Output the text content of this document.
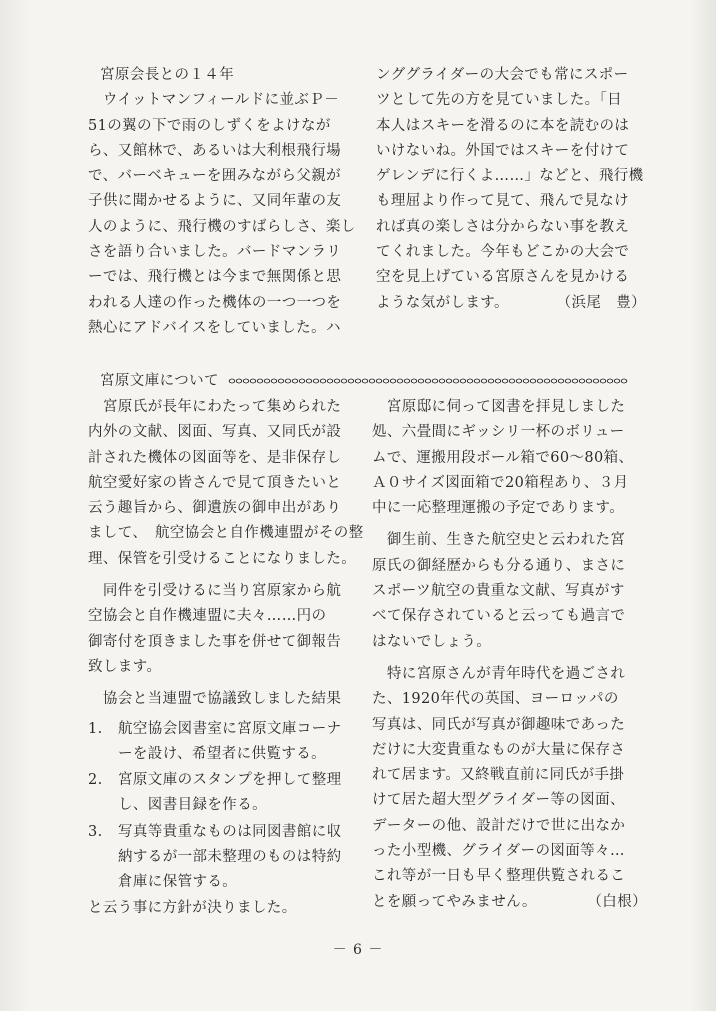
宮原会長との１４年
　ウイットマンフィールドに並ぶＰ－
51の翼の下で雨のしずくをよけなが
ら、又館林で、あるいは大利根飛行場
で、バーベキューを囲みながら父親が
子供に聞かせるように、又同年輩の友
人のように、飛行機のすばらしさ、楽し
さを語り合いました。バードマンラリ
ーでは、飛行機とは今まで無関係と思
われる人達の作った機体の一つ一つを
熱心にアドバイスをしていました。ハ
ンググライダーの大会でも常にスポー
ツとして先の方を見ていました。「日
本人はスキーを滑るのに本を読むのは
いけないね。外国ではスキーを付けて
ゲレンデに行くよ……」などと、飛行機
も理屈より作って見て、飛んで見なけ
れば真の楽しさは分からない事を教え
てくれました。今年もどこかの大会で
空を見上げている宮原さんを見かける
ような気がします。	（浜尾　豊）
宮原文庫について

　宮原氏が長年にわたって集められた
内外の文献、図面、写真、又同氏が設
計された機体の図面等を、是非保存し
航空愛好家の皆さんで見て頂きたいと
云う趣旨から、御遺族の御申出があり
まして、　航空協会と自作機連盟がその整
理、保管を引受けることになりました。

　同件を引受けるに当り宮原家から航
空協会と自作機連盟に夫々……円の
御寄付を頂きました事を併せて御報告
致します。

　協会と当連盟で協議致しました結果

1. 航空協会図書室に宮原文庫コーナ
ーを設け、希望者に供覧する。
2. 宮原文庫のスタンプを押して整理
し、図書目録を作る。
3. 写真等貴重なものは同図書館に収
納するが一部未整理のものは特約
倉庫に保管する。
と云う事に方針が決りました。

　宮原邸に伺って図書を拝見しました
処、六畳間にギッシリ一杯のボリュー
ムで、運搬用段ボール箱で60～80箱、
Ａ０サイズ図面箱で20箱程あり、３月
中に一応整理運搬の予定であります。

　御生前、生きた航空史と云われた宮
原氏の御経歴からも分る通り、まさに
スポーツ航空の貴重な文献、写真がす
べて保存されていると云っても過言で
はないでしょう。

　特に宮原さんが青年時代を過ごされ
た、1920年代の英国、ヨーロッパの
写真は、同氏が写真が御趣味であった
だけに大変貴重なものが大量に保存さ
れて居ます。又終戦直前に同氏が手掛
けて居た超大型グライダー等の図面、
データーの他、設計だけで世に出なか
った小型機、グライダーの図面等々…
これ等が一日も早く整理供覧されるこ
とを願ってやみません。	（白根）

－ 6 －
